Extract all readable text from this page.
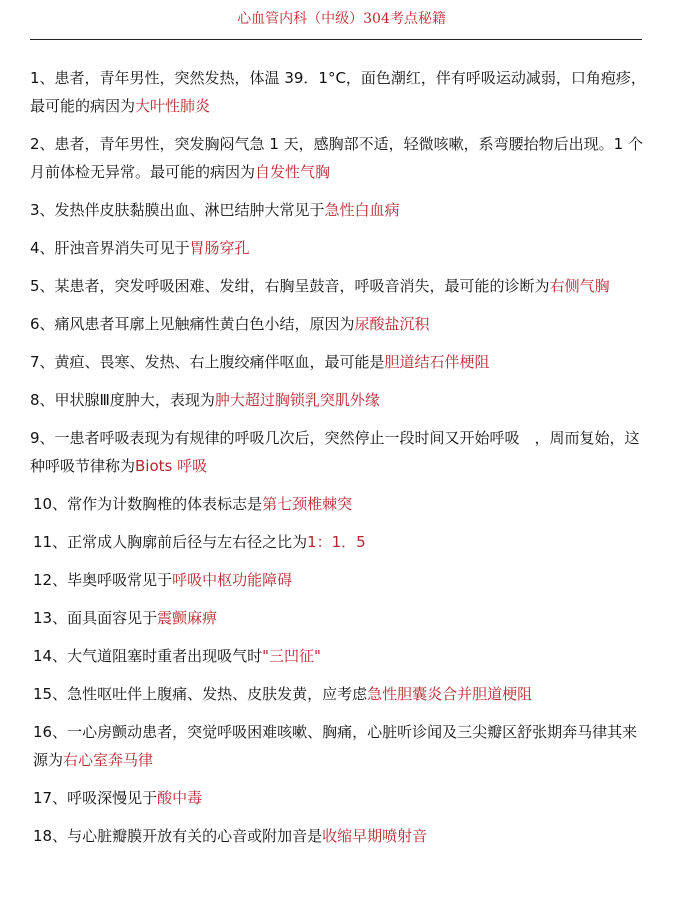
心血管内科（中级）304考点秘籍

1、患者，青年男性，突然发热，体温 39．1°C，面色潮红，伴有呼吸运动减弱，口角疱疹，最可能的病因为大叶性肺炎

2、患者，青年男性，突发胸闷气急 1 天，感胸部不适，轻微咳嗽，系弯腰抬物后出现。1 个月前体检无异常。最可能的病因为自发性气胸

3、发热伴皮肤黏膜出血、淋巴结肿大常见于急性白血病

4、肝浊音界消失可见于胃肠穿孔

5、某患者，突发呼吸困难、发绀，右胸呈鼓音，呼吸音消失，最可能的诊断为右侧气胸

6、痛风患者耳廓上见触痛性黄白色小结，原因为尿酸盐沉积

7、黄疸、畏寒、发热、右上腹绞痛伴呕血，最可能是胆道结石伴梗阻

8、甲状腺Ⅲ度肿大，表现为肿大超过胸锁乳突肌外缘

9、一患者呼吸表现为有规律的呼吸几次后，突然停止一段时间又开始呼吸　，周而复始，这种呼吸节律称为Biots 呼吸

10、常作为计数胸椎的体表标志是第七颈椎棘突

11、正常成人胸廓前后径与左右径之比为1：1．5

12、毕奥呼吸常见于呼吸中枢功能障碍

13、面具面容见于震颤麻痹

14、大气道阻塞时重者出现吸气时"三凹征"

15、急性呕吐伴上腹痛、发热、皮肤发黄，应考虑急性胆囊炎合并胆道梗阻

16、一心房颤动患者，突觉呼吸困难咳嗽、胸痛，心脏听诊闻及三尖瓣区舒张期奔马律其来源为右心室奔马律

17、呼吸深慢见于酸中毒

18、与心脏瓣膜开放有关的心音或附加音是收缩早期喷射音
